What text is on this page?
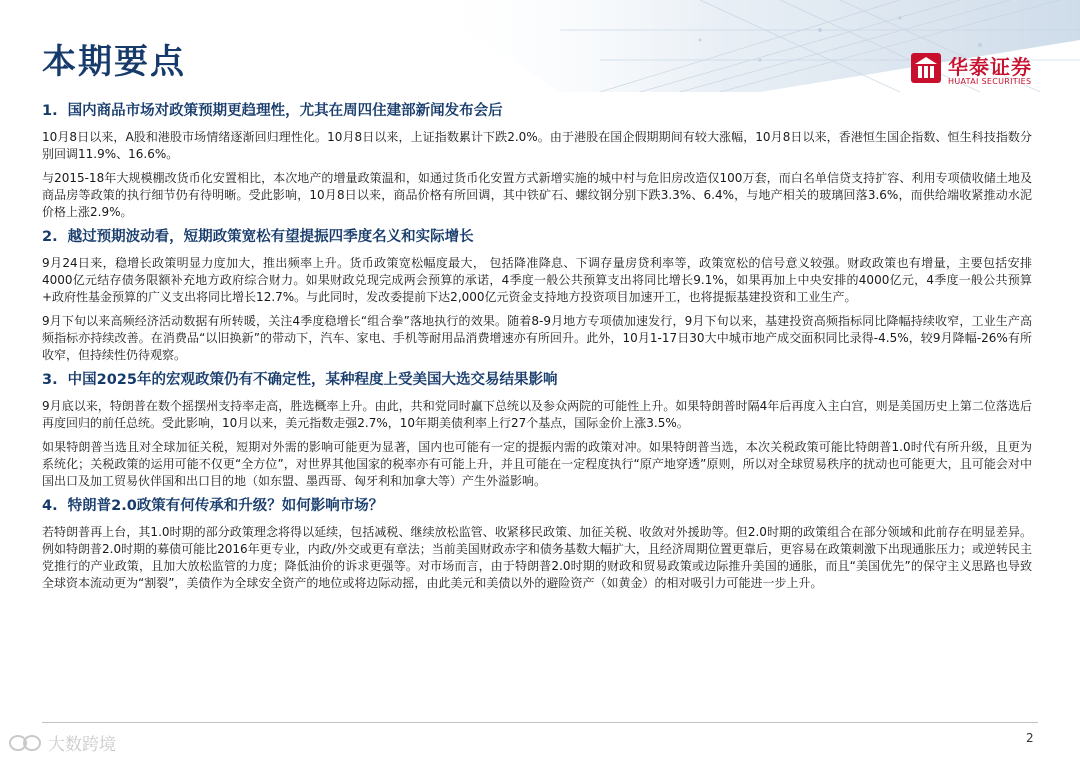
本期要点	华泰证券
HUATAI SECURITIES
1. 国内商品市场对政策预期更趋理性，尤其在周四住建部新闻发布会后

10月8日以来，A股和港股市场情绪逐渐回归理性化。10月8日以来，上证指数累计下跌2.0%。由于港股在国企假期期间有较大涨幅，10月8日以来，香港恒生国企指数、恒生科技指数分别回调11.9%、16.6%。

与2015-18年大规模棚改货币化安置相比，本次地产的增量政策温和，如通过货币化安置方式新增实施的城中村与危旧房改造仅100万套，而白名单信贷支持扩容、利用专项债收储土地及商品房等政策的执行细节仍有待明晰。受此影响，10月8日以来，商品价格有所回调，其中铁矿石、螺纹钢分别下跌3.3%、6.4%，与地产相关的玻璃回落3.6%，而供给端收紧推动水泥价格上涨2.9%。

2. 越过预期波动看，短期政策宽松有望提振四季度名义和实际增长

9月24日来，稳增长政策明显力度加大，推出频率上升。货币政策宽松幅度最大， 包括降准降息、下调存量房贷利率等，政策宽松的信号意义较强。财政政策也有增量，主要包括安排4000亿元结存债务限额补充地方政府综合财力。如果财政兑现完成两会预算的承诺，4季度一般公共预算支出将同比增长9.1%，如果再加上中央安排的4000亿元，4季度一般公共预算+政府性基金预算的广义支出将同比增长12.7%。与此同时，发改委提前下达2,000亿元资金支持地方投资项目加速开工，也将提振基建投资和工业生产。

9月下旬以来高频经济活动数据有所转暖，关注4季度稳增长“组合拳”落地执行的效果。随着8-9月地方专项债加速发行，9月下旬以来，基建投资高频指标同比降幅持续收窄，工业生产高频指标亦持续改善。在消费品“以旧换新”的带动下，汽车、家电、手机等耐用品消费增速亦有所回升。此外，10月1-17日30大中城市地产成交面积同比录得-4.5%，较9月降幅-26%有所收窄，但持续性仍待观察。

3. 中国2025年的宏观政策仍有不确定性，某种程度上受美国大选交易结果影响

9月底以来，特朗普在数个摇摆州支持率走高，胜选概率上升。由此，共和党同时赢下总统以及参众两院的可能性上升。如果特朗普时隔4年后再度入主白宫，则是美国历史上第二位落选后再度回归的前任总统。受此影响，10月以来，美元指数走强2.7%，10年期美债利率上行27个基点，国际金价上涨3.5%。

如果特朗普当选且对全球加征关税，短期对外需的影响可能更为显著，国内也可能有一定的提振内需的政策对冲。如果特朗普当选，本次关税政策可能比特朗普1.0时代有所升级，且更为系统化；关税政策的运用可能不仅更“全方位”，对世界其他国家的税率亦有可能上升，并且可能在一定程度执行“原产地穿透”原则，所以对全球贸易秩序的扰动也可能更大，且可能会对中国出口及加工贸易伙伴国和出口目的地（如东盟、墨西哥、匈牙利和加拿大等）产生外溢影响。

4. 特朗普2.0政策有何传承和升级？如何影响市场？

若特朗普再上台，其1.0时期的部分政策理念将得以延续，包括减税、继续放松监管、收紧移民政策、加征关税、收敛对外援助等。但2.0时期的政策组合在部分领域和此前存在明显差异。例如特朗普2.0时期的募债可能比2016年更专业，内政/外交或更有章法；当前美国财政赤字和债务基数大幅扩大，且经济周期位置更靠后，更容易在政策刺激下出现通胀压力；或逆转民主党推行的产业政策，且加大放松监管的力度；降低油价的诉求更强等。对市场而言，由于特朗普2.0时期的财政和贸易政策或边际推升美国的通胀，而且“美国优先”的保守主义思路也导致全球资本流动更为“割裂”，美债作为全球安全资产的地位或将边际动摇，由此美元和美债以外的避险资产（如黄金）的相对吸引力可能进一步上升。

大数跨境	2
